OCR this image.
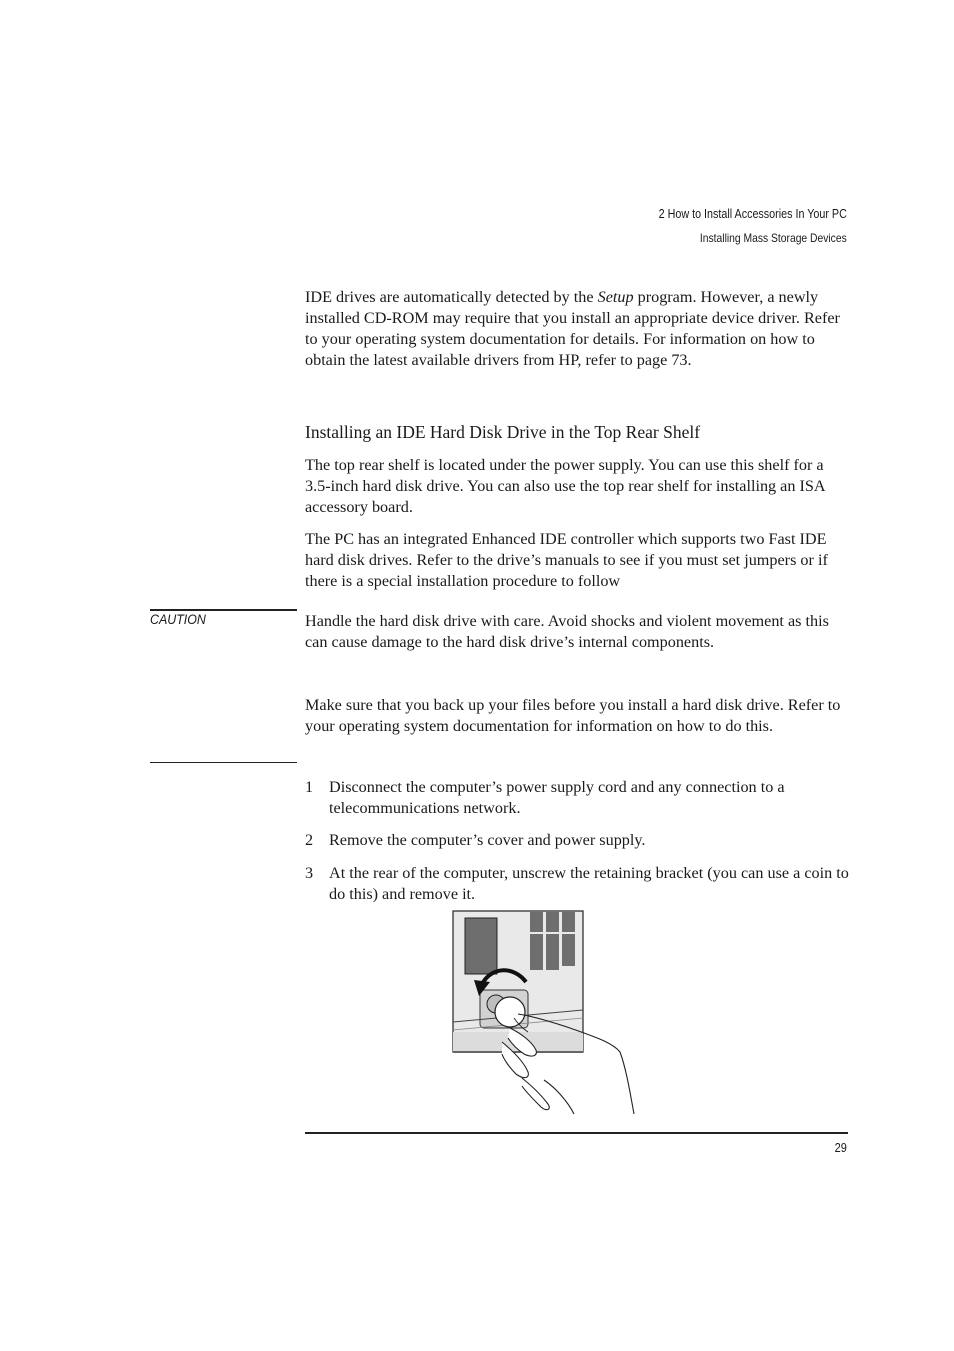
2 How to Install Accessories In Your PC
Installing Mass Storage Devices
IDE drives are automatically detected by the Setup program. However, a newly installed CD-ROM may require that you install an appropriate device driver. Refer to your operating system documentation for details. For information on how to obtain the latest available drivers from HP, refer to page 73.
Installing an IDE Hard Disk Drive in the Top Rear Shelf
The top rear shelf is located under the power supply. You can use this shelf for a 3.5-inch hard disk drive. You can also use the top rear shelf for installing an ISA accessory board.
The PC has an integrated Enhanced IDE controller which supports two Fast IDE hard disk drives. Refer to the drive’s manuals to see if you must set jumpers or if there is a special installation procedure to follow
CAUTION	Handle the hard disk drive with care. Avoid shocks and violent movement as this can cause damage to the hard disk drive’s internal components.
Make sure that you back up your files before you install a hard disk drive. Refer to your operating system documentation for information on how to do this.
1 Disconnect the computer’s power supply cord and any connection to a telecommunications network.
2 Remove the computer’s cover and power supply.
3 At the rear of the computer, unscrew the retaining bracket (you can use a coin to do this) and remove it.
29
